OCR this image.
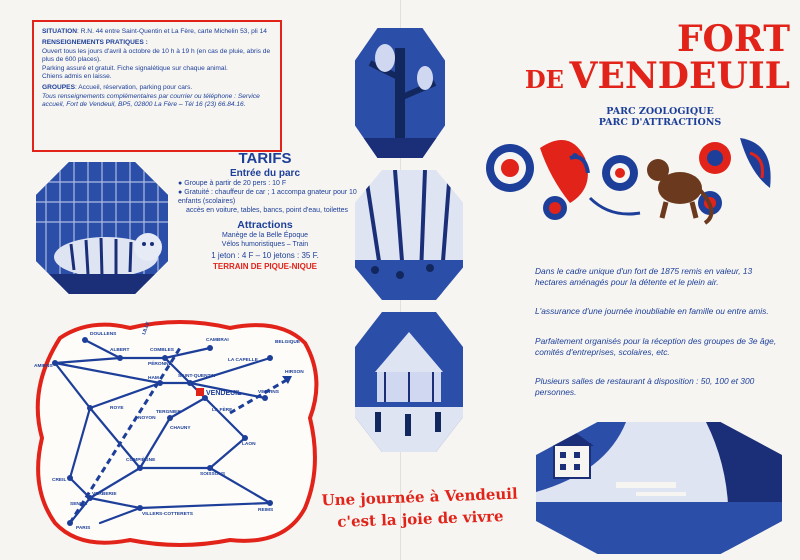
SITUATION: R.N. 44 entre Saint-Quentin et La Fère, carte Michelin 53, pli 14
RENSEIGNEMENTS PRATIQUES :
Ouvert tous les jours d'avril à octobre de 10 h à 19 h (en cas de pluie, abris de plus de 600 places).
Parking assuré et gratuit. Fiche signalétique sur chaque animal.
Chiens admis en laisse.
GROUPES: Accueil, réservation, parking pour cars.
Tous renseignements complémentaires par courrier ou téléphone : Service accueil, Fort de Vendeuil, BP5, 02800 La Fère – Tél 16 (23) 66.84.16.
TARIFS
Entrée du parc
● Groupe à partir de 20 pers : 10 F
● Gratuité : chauffeur de car ; 1 accompa gnateur pour 10 enfants (scolaires)
accès en voiture, tables, bancs, point d'eau, toilettes
Attractions
Manège de la Belle Époque
Vélos humoristiques – Train
1 jeton : 4 F – 10 jetons : 35 F.
TERRAIN DE PIQUE-NIQUE
DOULLENS
AMIENS
ALBERT
PÉRONNE
COMBLES
CAMBRAI
LILLE
BELGIQUE
LA CAPELLE
HIRSON
VERVINS
HAM	SAINT-QUENTIN
VENDEUIL
ROYE
NOYON
TERGNIER	LA FÈRE
CHAUNY
LAON
COMPIÈGNE
SOISSONS
VERBERIE
SENLIS
CREIL
VILLERS-COTTERETS
REIMS
PARIS
FORT
DE VENDEUIL
PARC ZOOLOGIQUE
PARC D'ATTRACTIONS
Dans le cadre unique d'un fort de 1875 remis en valeur, 13 hectares aménagés pour la détente et le plein air.
L'assurance d'une journée inoubliable en famille ou entre amis.
Parfaitement organisés pour la réception des groupes de 3e âge, comités d'entreprises, scolaires, etc.
Plusieurs salles de restaurant à disposition : 50, 100 et 300 personnes.
Une journée à Vendeuil
c'est la joie de vivre
